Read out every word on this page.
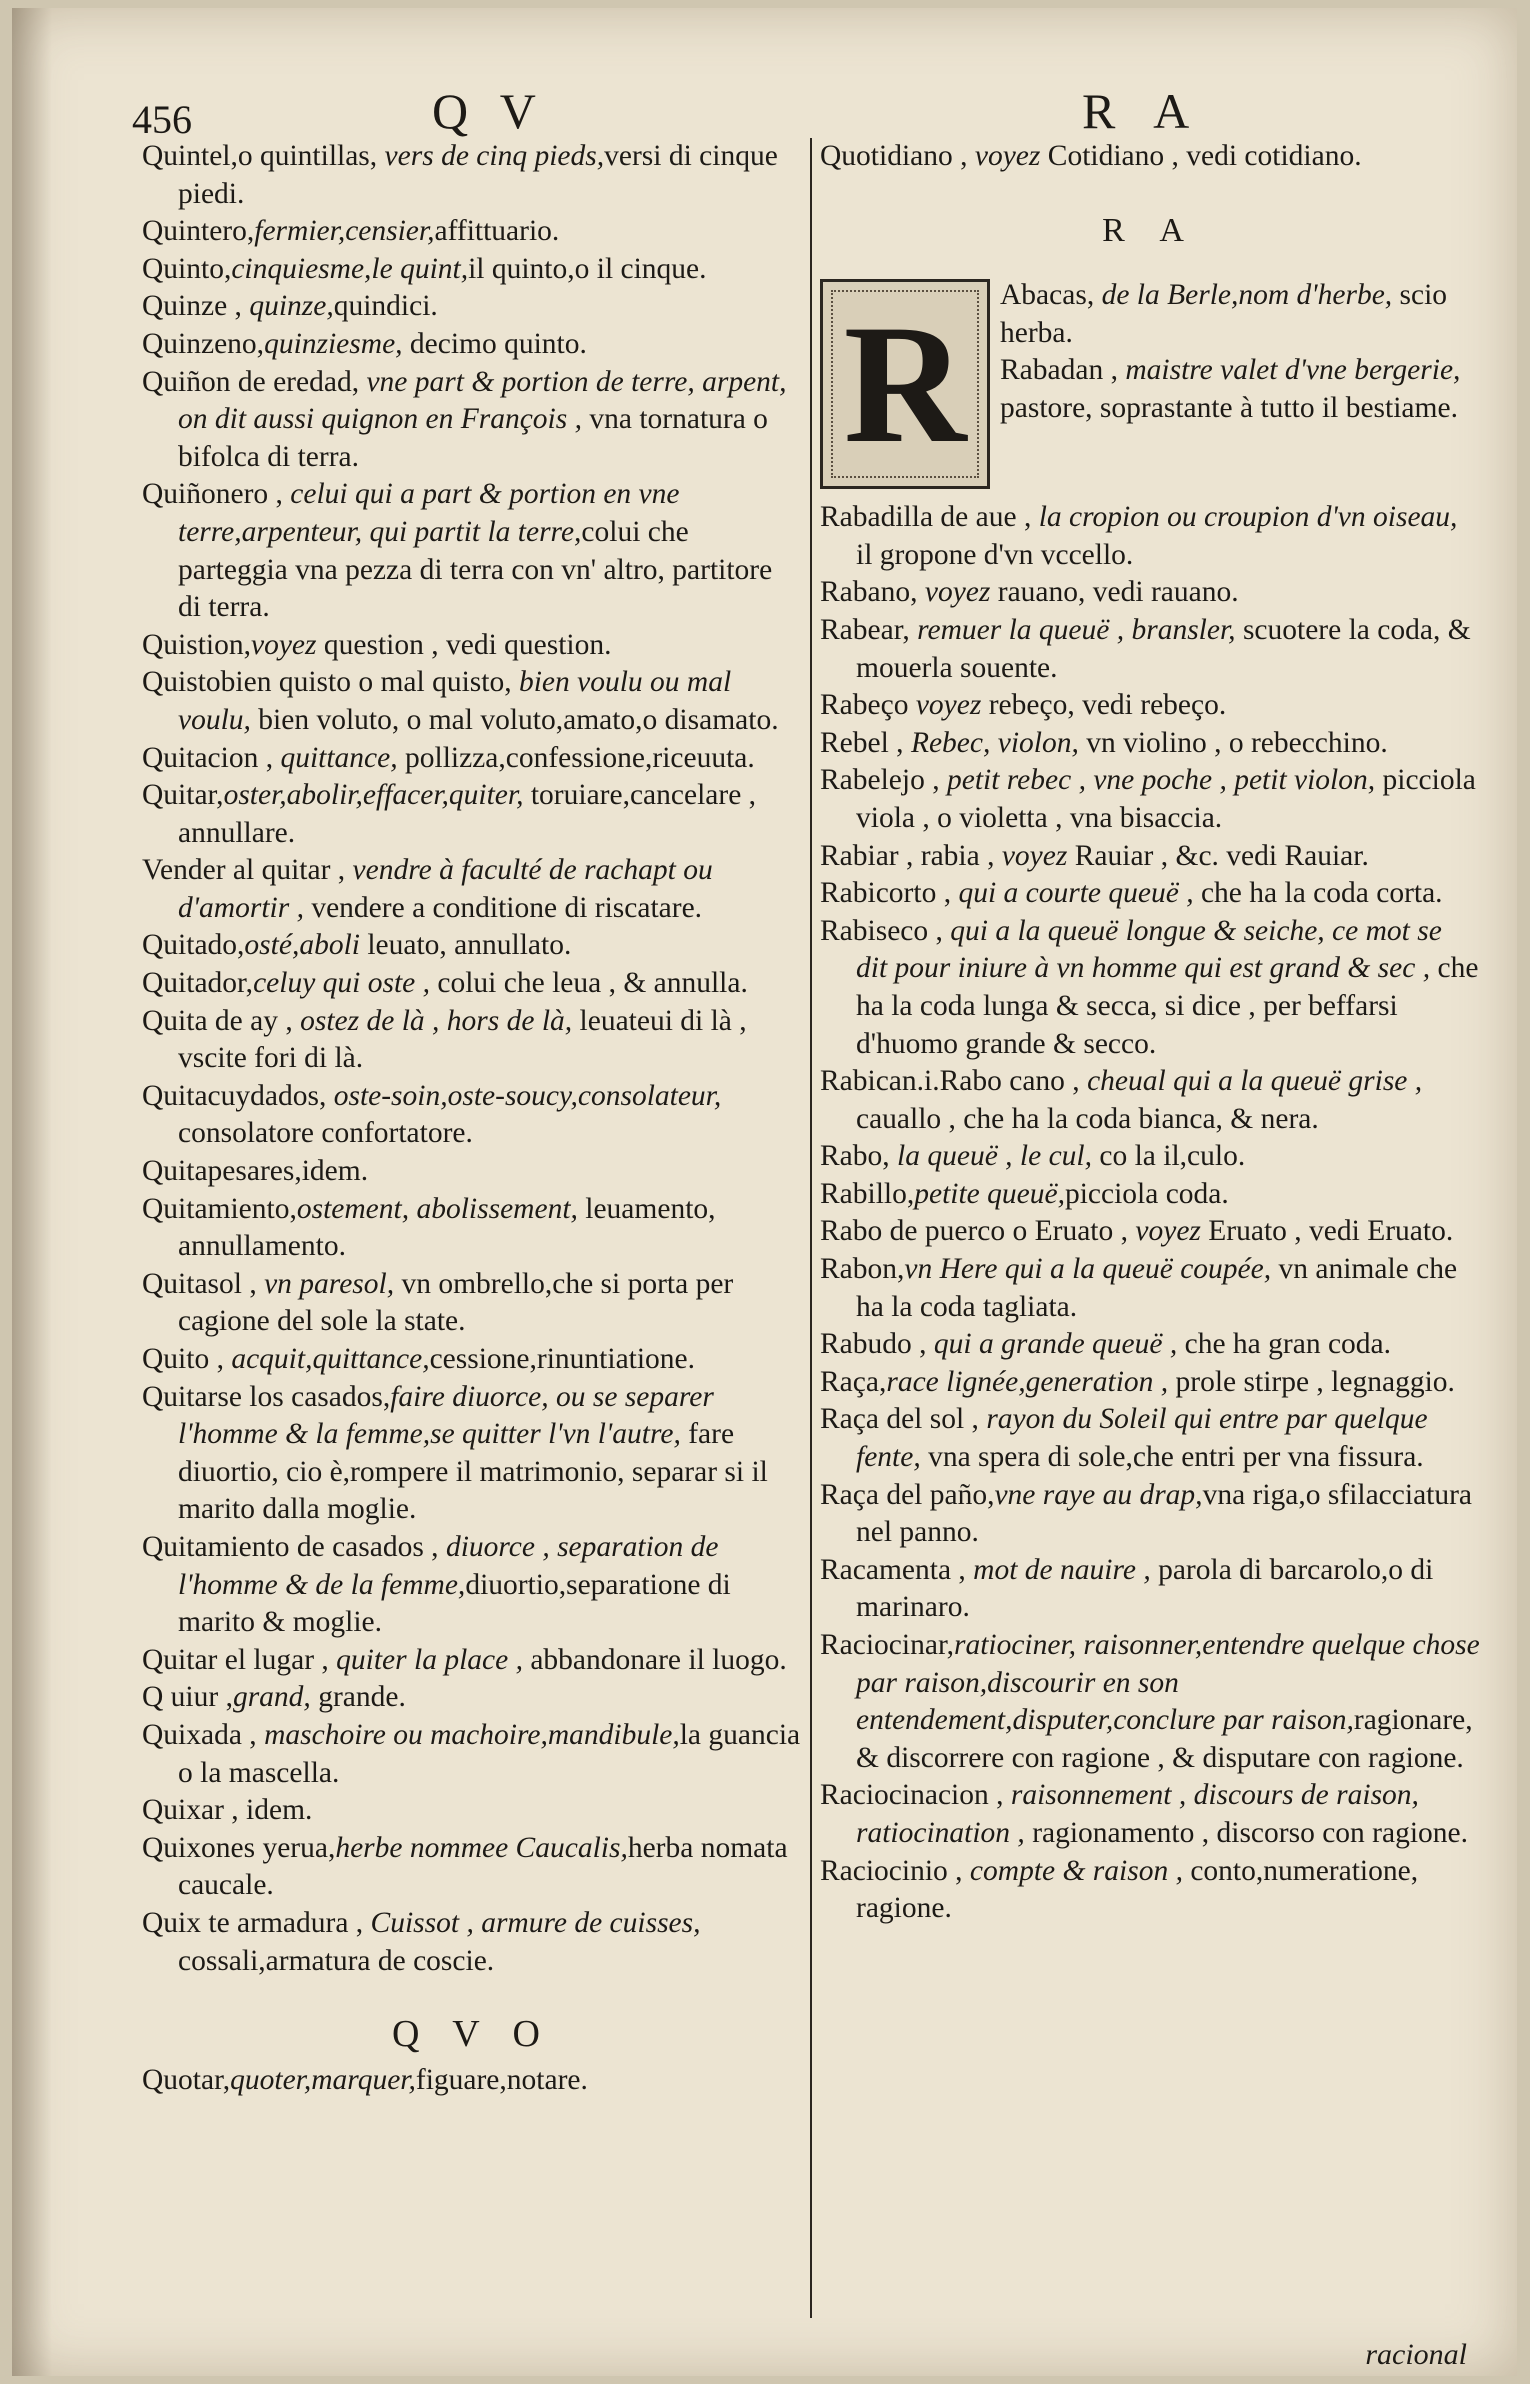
456	Q V	R A

Quintel,o quintillas, vers de cinq pieds,versi di cinque piedi.

Quintero,fermier,censier,affittuario.

Quinto,cinquiesme,le quint,il quinto,o il cinque.

Quinze , quinze,quindici.

Quinzeno,quinziesme, decimo quinto.

Quiñon de eredad, vne part & portion de terre, arpent, on dit aussi quignon en François , vna tornatura o bifolca di terra.

Quiñonero , celui qui a part & portion en vne terre,arpenteur, qui partit la terre,colui che parteggia vna pezza di terra con vn' altro, partitore di terra.

Quistion,voyez question , vedi question.

Quistobien quisto o mal quisto, bien voulu ou mal voulu, bien voluto, o mal voluto,amato,o disamato.

Quitacion , quittance, pollizza,confessione,riceuuta.

Quitar,oster,abolir,effacer,quiter, toruiare,cancelare , annullare.

Vender al quitar , vendre à faculté de rachapt ou d'amortir , vendere a conditione di riscatare.

Quitado,osté,aboli leuato, annullato.

Quitador,celuy qui oste , colui che leua , & annulla.

Quita de ay , ostez de là , hors de là, leuateui di là , vscite fori di là.

Quitacuydados, oste-soin,oste-soucy,consolateur, consolatore confortatore.

Quitapesares,idem.

Quitamiento,ostement, abolissement, leuamento, annullamento.

Quitasol , vn paresol, vn ombrello,che si porta per cagione del sole la state.

Quito , acquit,quittance,cessione,rinuntiatione.

Quitarse los casados,faire diuorce, ou se separer l'homme & la femme,se quitter l'vn l'autre, fare diuortio, cio è,rompere il matrimonio, separar si il marito dalla moglie.

Quitamiento de casados , diuorce , separation de l'homme & de la femme,diuortio,separatione di marito & moglie.

Quitar el lugar , quiter la place , abbandonare il luogo.

Q uiur ,grand, grande.

Quixada , maschoire ou machoire,mandibule,la guancia o la mascella.

Quixar , idem.

Quixones yerua,herbe nommee Caucalis,herba nomata caucale.

Quix te armadura , Cuissot , armure de cuisses, cossali,armatura de coscie.

Q V O

Quotar,quoter,marquer,figuare,notare.

Quotidiano , voyez Cotidiano , vedi cotidiano.

R A
R Abacas, de la Berle,nom d'herbe, scio herba.

Rabadan , maistre valet d'vne bergerie, pastore, soprastante à tutto il bestiame.

Rabadilla de aue , la cropion ou croupion d'vn oiseau, il gropone d'vn vccello.

Rabano, voyez rauano, vedi rauano.

Rabear, remuer la queuë , bransler, scuotere la coda, & mouerla souente.

Rabeço voyez rebeço, vedi rebeço.

Rebel , Rebec, violon, vn violino , o rebecchino.

Rabelejo , petit rebec , vne poche , petit violon, picciola viola , o violetta , vna bisaccia.

Rabiar , rabia , voyez Rauiar , &c. vedi Rauiar.

Rabicorto , qui a courte queuë , che ha la coda corta.

Rabiseco , qui a la queuë longue & seiche, ce mot se dit pour iniure à vn homme qui est grand & sec , che ha la coda lunga & secca, si dice , per beffarsi d'huomo grande & secco.

Rabican.i.Rabo cano , cheual qui a la queuë grise , cauallo , che ha la coda bianca, & nera.

Rabo, la queuë , le cul, co la il,culo.

Rabillo,petite queuë,picciola coda.

Rabo de puerco o Eruato , voyez Eruato , vedi Eruato.

Rabon,vn Here qui a la queuë coupée, vn animale che ha la coda tagliata.

Rabudo , qui a grande queuë , che ha gran coda.

Raça,race lignée,generation , prole stirpe , legnaggio.

Raça del sol , rayon du Soleil qui entre par quelque fente, vna spera di sole,che entri per vna fissura.

Raça del paño,vne raye au drap,vna riga,o sfilacciatura nel panno.

Racamenta , mot de nauire , parola di barcarolo,o di marinaro.

Raciocinar,ratiociner, raisonner,entendre quelque chose par raison,discourir en son entendement,disputer,conclure par raison,ragionare, & discorrere con ragione , & disputare con ragione.

Raciocinacion , raisonnement , discours de raison, ratiocination , ragionamento , discorso con ragione.

Raciocinio , compte & raison , conto,numeratione, ragione.

racional
